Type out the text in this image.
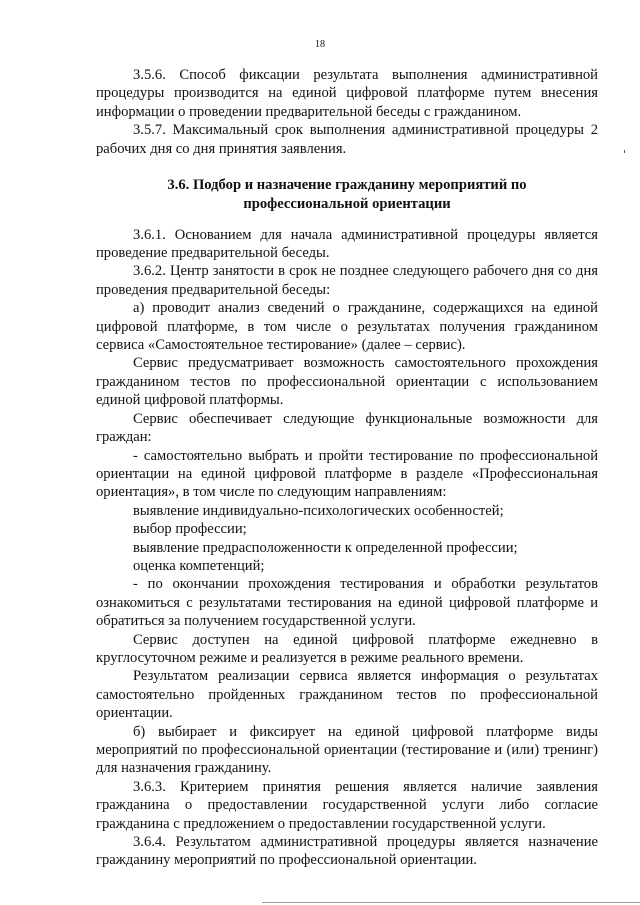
18

3.5.6. Способ фиксации результата выполнения административной процедуры производится на единой цифровой платформе путем внесения информации о проведении предварительной беседы с гражданином.

3.5.7. Максимальный срок выполнения административной процедуры 2 рабочих дня со дня принятия заявления.

3.6. Подбор и назначение гражданину мероприятий по
профессиональной ориентации

3.6.1. Основанием для начала административной процедуры является проведение предварительной беседы.

3.6.2. Центр занятости в срок не позднее следующего рабочего дня со дня проведения предварительной беседы:

а) проводит анализ сведений о гражданине, содержащихся на единой цифровой платформе, в том числе о результатах получения гражданином сервиса «Самостоятельное тестирование» (далее – сервис).

Сервис предусматривает возможность самостоятельного прохождения гражданином тестов по профессиональной ориентации с использованием единой цифровой платформы.

Сервис обеспечивает следующие функциональные возможности для граждан:

- самостоятельно выбрать и пройти тестирование по профессиональной ориентации на единой цифровой платформе в разделе «Профессиональная ориентация», в том числе по следующим направлениям:

выявление индивидуально-психологических особенностей;

выбор профессии;

выявление предрасположенности к определенной профессии;

оценка компетенций;

- по окончании прохождения тестирования и обработки результатов ознакомиться с результатами тестирования на единой цифровой платформе и обратиться за получением государственной услуги.

Сервис доступен на единой цифровой платформе ежедневно в круглосуточном режиме и реализуется в режиме реального времени.

Результатом реализации сервиса является информация о результатах самостоятельно пройденных гражданином тестов по профессиональной ориентации.

б) выбирает и фиксирует на единой цифровой платформе виды мероприятий по профессиональной ориентации (тестирование и (или) тренинг) для назначения гражданину.

3.6.3. Критерием принятия решения является наличие заявления гражданина о предоставлении государственной услуги либо согласие гражданина с предложением о предоставлении государственной услуги.

3.6.4. Результатом административной процедуры является назначение гражданину мероприятий по профессиональной ориентации.
